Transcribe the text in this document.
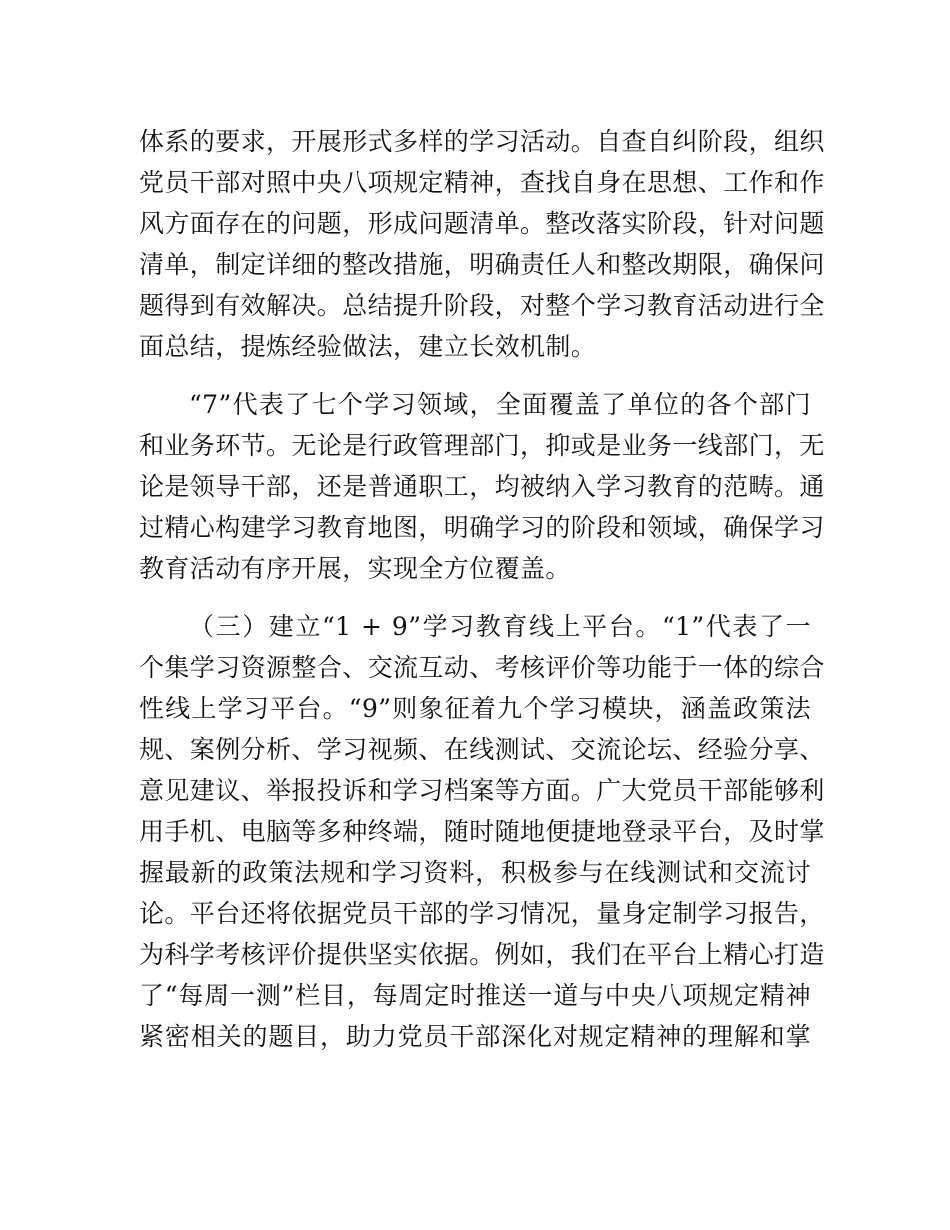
体系的要求，开展形式多样的学习活动。自查自纠阶段，组织
党员干部对照中央八项规定精神，查找自身在思想、工作和作
风方面存在的问题，形成问题清单。整改落实阶段，针对问题
清单，制定详细的整改措施，明确责任人和整改期限，确保问
题得到有效解决。总结提升阶段，对整个学习教育活动进行全
面总结，提炼经验做法，建立长效机制。
“7”代表了七个学习领域，全面覆盖了单位的各个部门
和业务环节。无论是行政管理部门，抑或是业务一线部门，无
论是领导干部，还是普通职工，均被纳入学习教育的范畴。通
过精心构建学习教育地图，明确学习的阶段和领域，确保学习
教育活动有序开展，实现全方位覆盖。
（三）建立“1 + 9”学习教育线上平台。“1”代表了一
个集学习资源整合、交流互动、考核评价等功能于一体的综合
性线上学习平台。“9”则象征着九个学习模块，涵盖政策法
规、案例分析、学习视频、在线测试、交流论坛、经验分享、
意见建议、举报投诉和学习档案等方面。广大党员干部能够利
用手机、电脑等多种终端，随时随地便捷地登录平台，及时掌
握最新的政策法规和学习资料，积极参与在线测试和交流讨
论。平台还将依据党员干部的学习情况，量身定制学习报告，
为科学考核评价提供坚实依据。例如，我们在平台上精心打造
了“每周一测”栏目，每周定时推送一道与中央八项规定精神
紧密相关的题目，助力党员干部深化对规定精神的理解和掌
